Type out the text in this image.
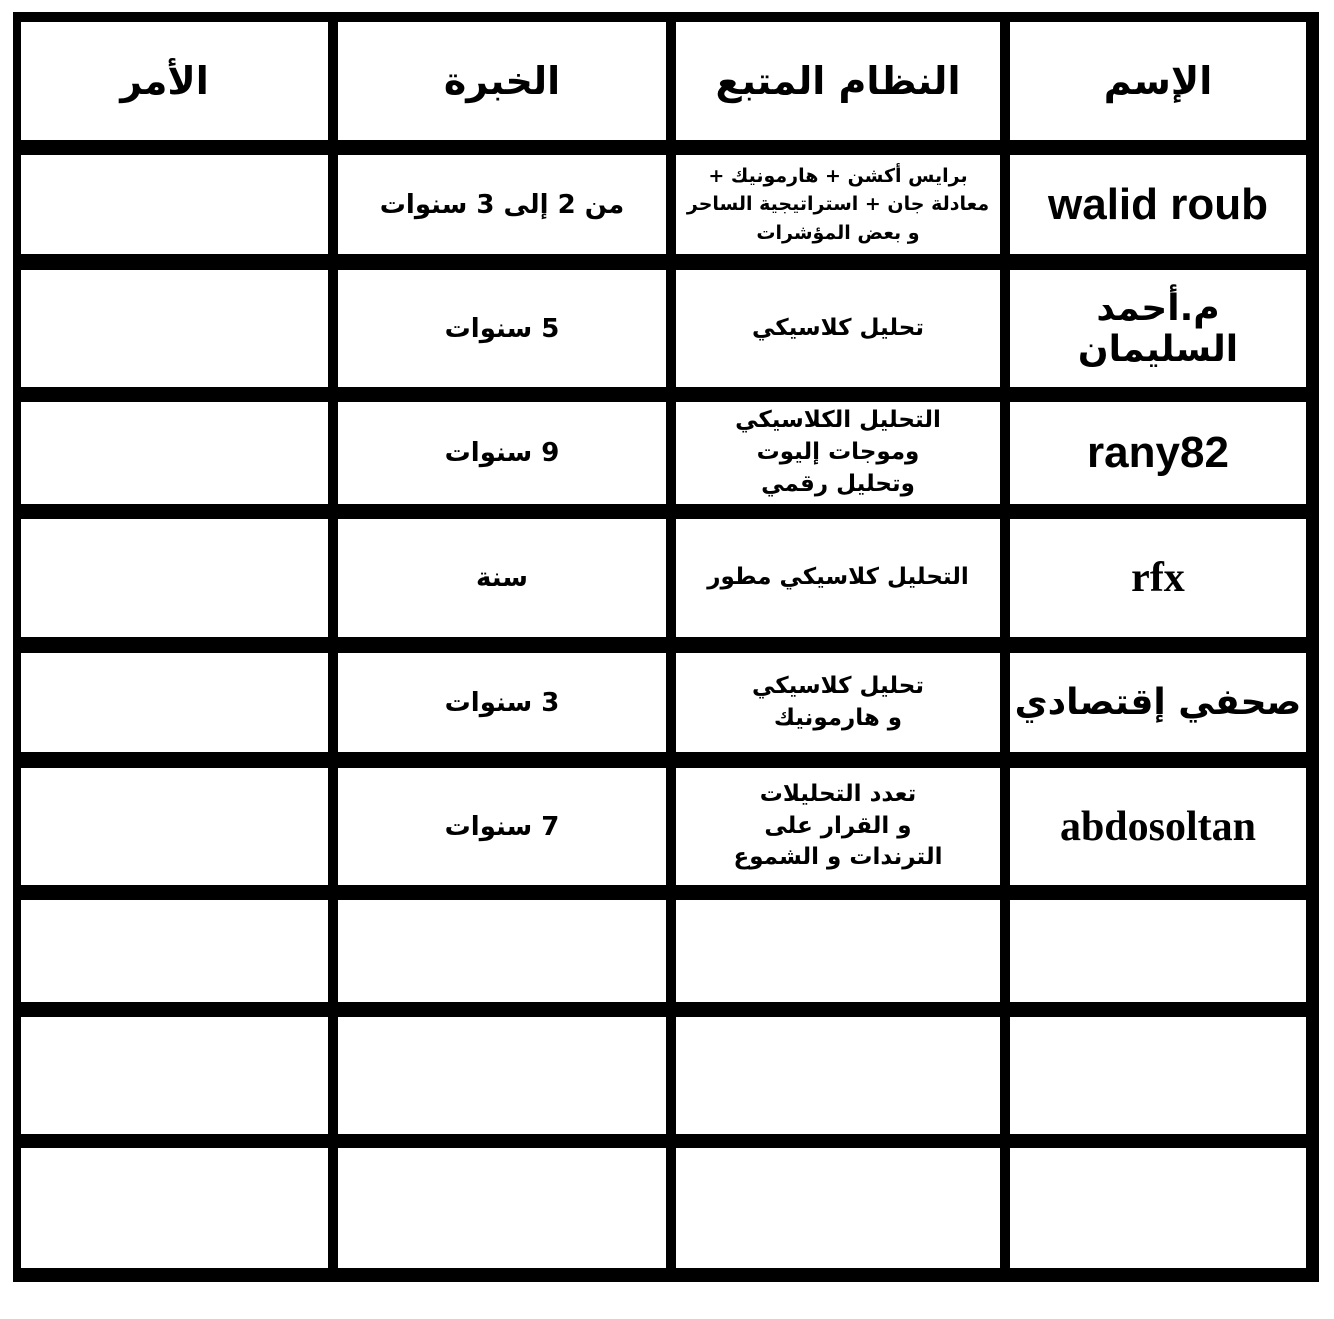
الإسم
النظام المتبع
الخبرة
الأمر
walid roub
برايس أكشن + هارمونيك +
معادلة جان + استراتيجية الساحر
و بعض المؤشرات
من 2 إلى 3 سنوات
م.أحمد السليمان
تحليل كلاسيكي
5 سنوات
rany82
التحليل الكلاسيكي
وموجات إليوت
وتحليل رقمي
9 سنوات
rfx
التحليل كلاسيكي مطور
سنة
صحفي إقتصادي
تحليل كلاسيكي
و هارمونيك
3 سنوات
abdosoltan
تعدد التحليلات
و القرار على
الترندات و الشموع
7 سنوات
